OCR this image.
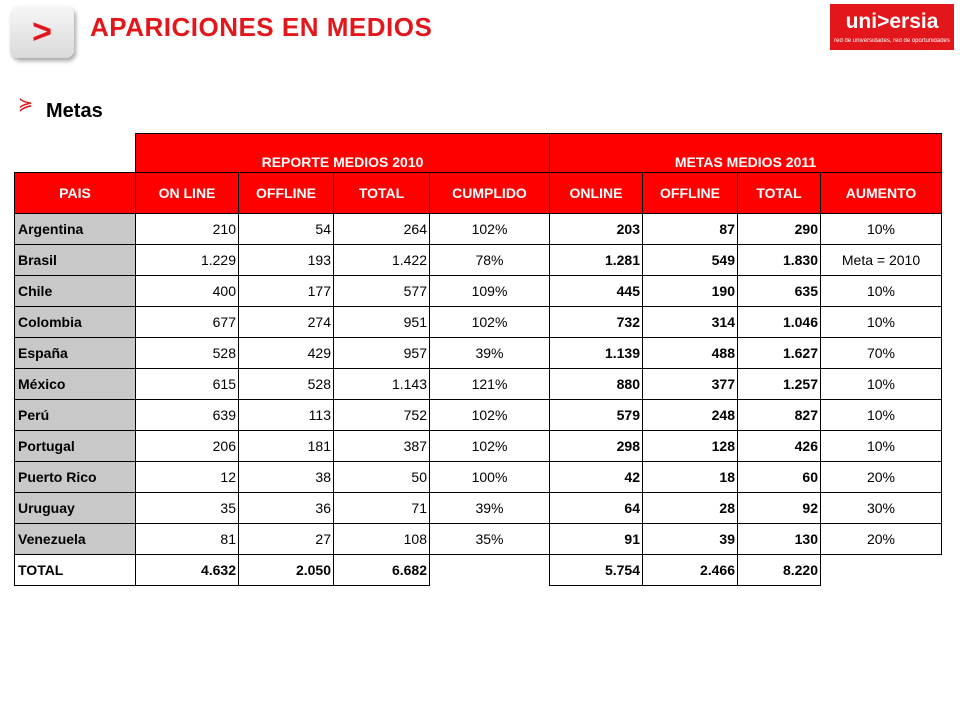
>	APARICIONES EN MEDIOS	uni>ersia
red de universidades, red de oportunidades
≽ Metas
	REPORTE MEDIOS 2010				METAS MEDIOS 2011			
PAIS	ON LINE	OFFLINE	TOTAL	CUMPLIDO	ONLINE	OFFLINE	TOTAL	AUMENTO
Argentina	210	54	264	102%	203	87	290	10%
Brasil	1.229	193	1.422	78%	1.281	549	1.830	Meta = 2010
Chile	400	177	577	109%	445	190	635	10%
Colombia	677	274	951	102%	732	314	1.046	10%
España	528	429	957	39%	1.139	488	1.627	70%
México	615	528	1.143	121%	880	377	1.257	10%
Perú	639	113	752	102%	579	248	827	10%
Portugal	206	181	387	102%	298	128	426	10%
Puerto Rico	12	38	50	100%	42	18	60	20%
Uruguay	35	36	71	39%	64	28	92	30%
Venezuela	81	27	108	35%	91	39	130	20%
TOTAL	4.632	2.050	6.682		5.754	2.466	8.220	
